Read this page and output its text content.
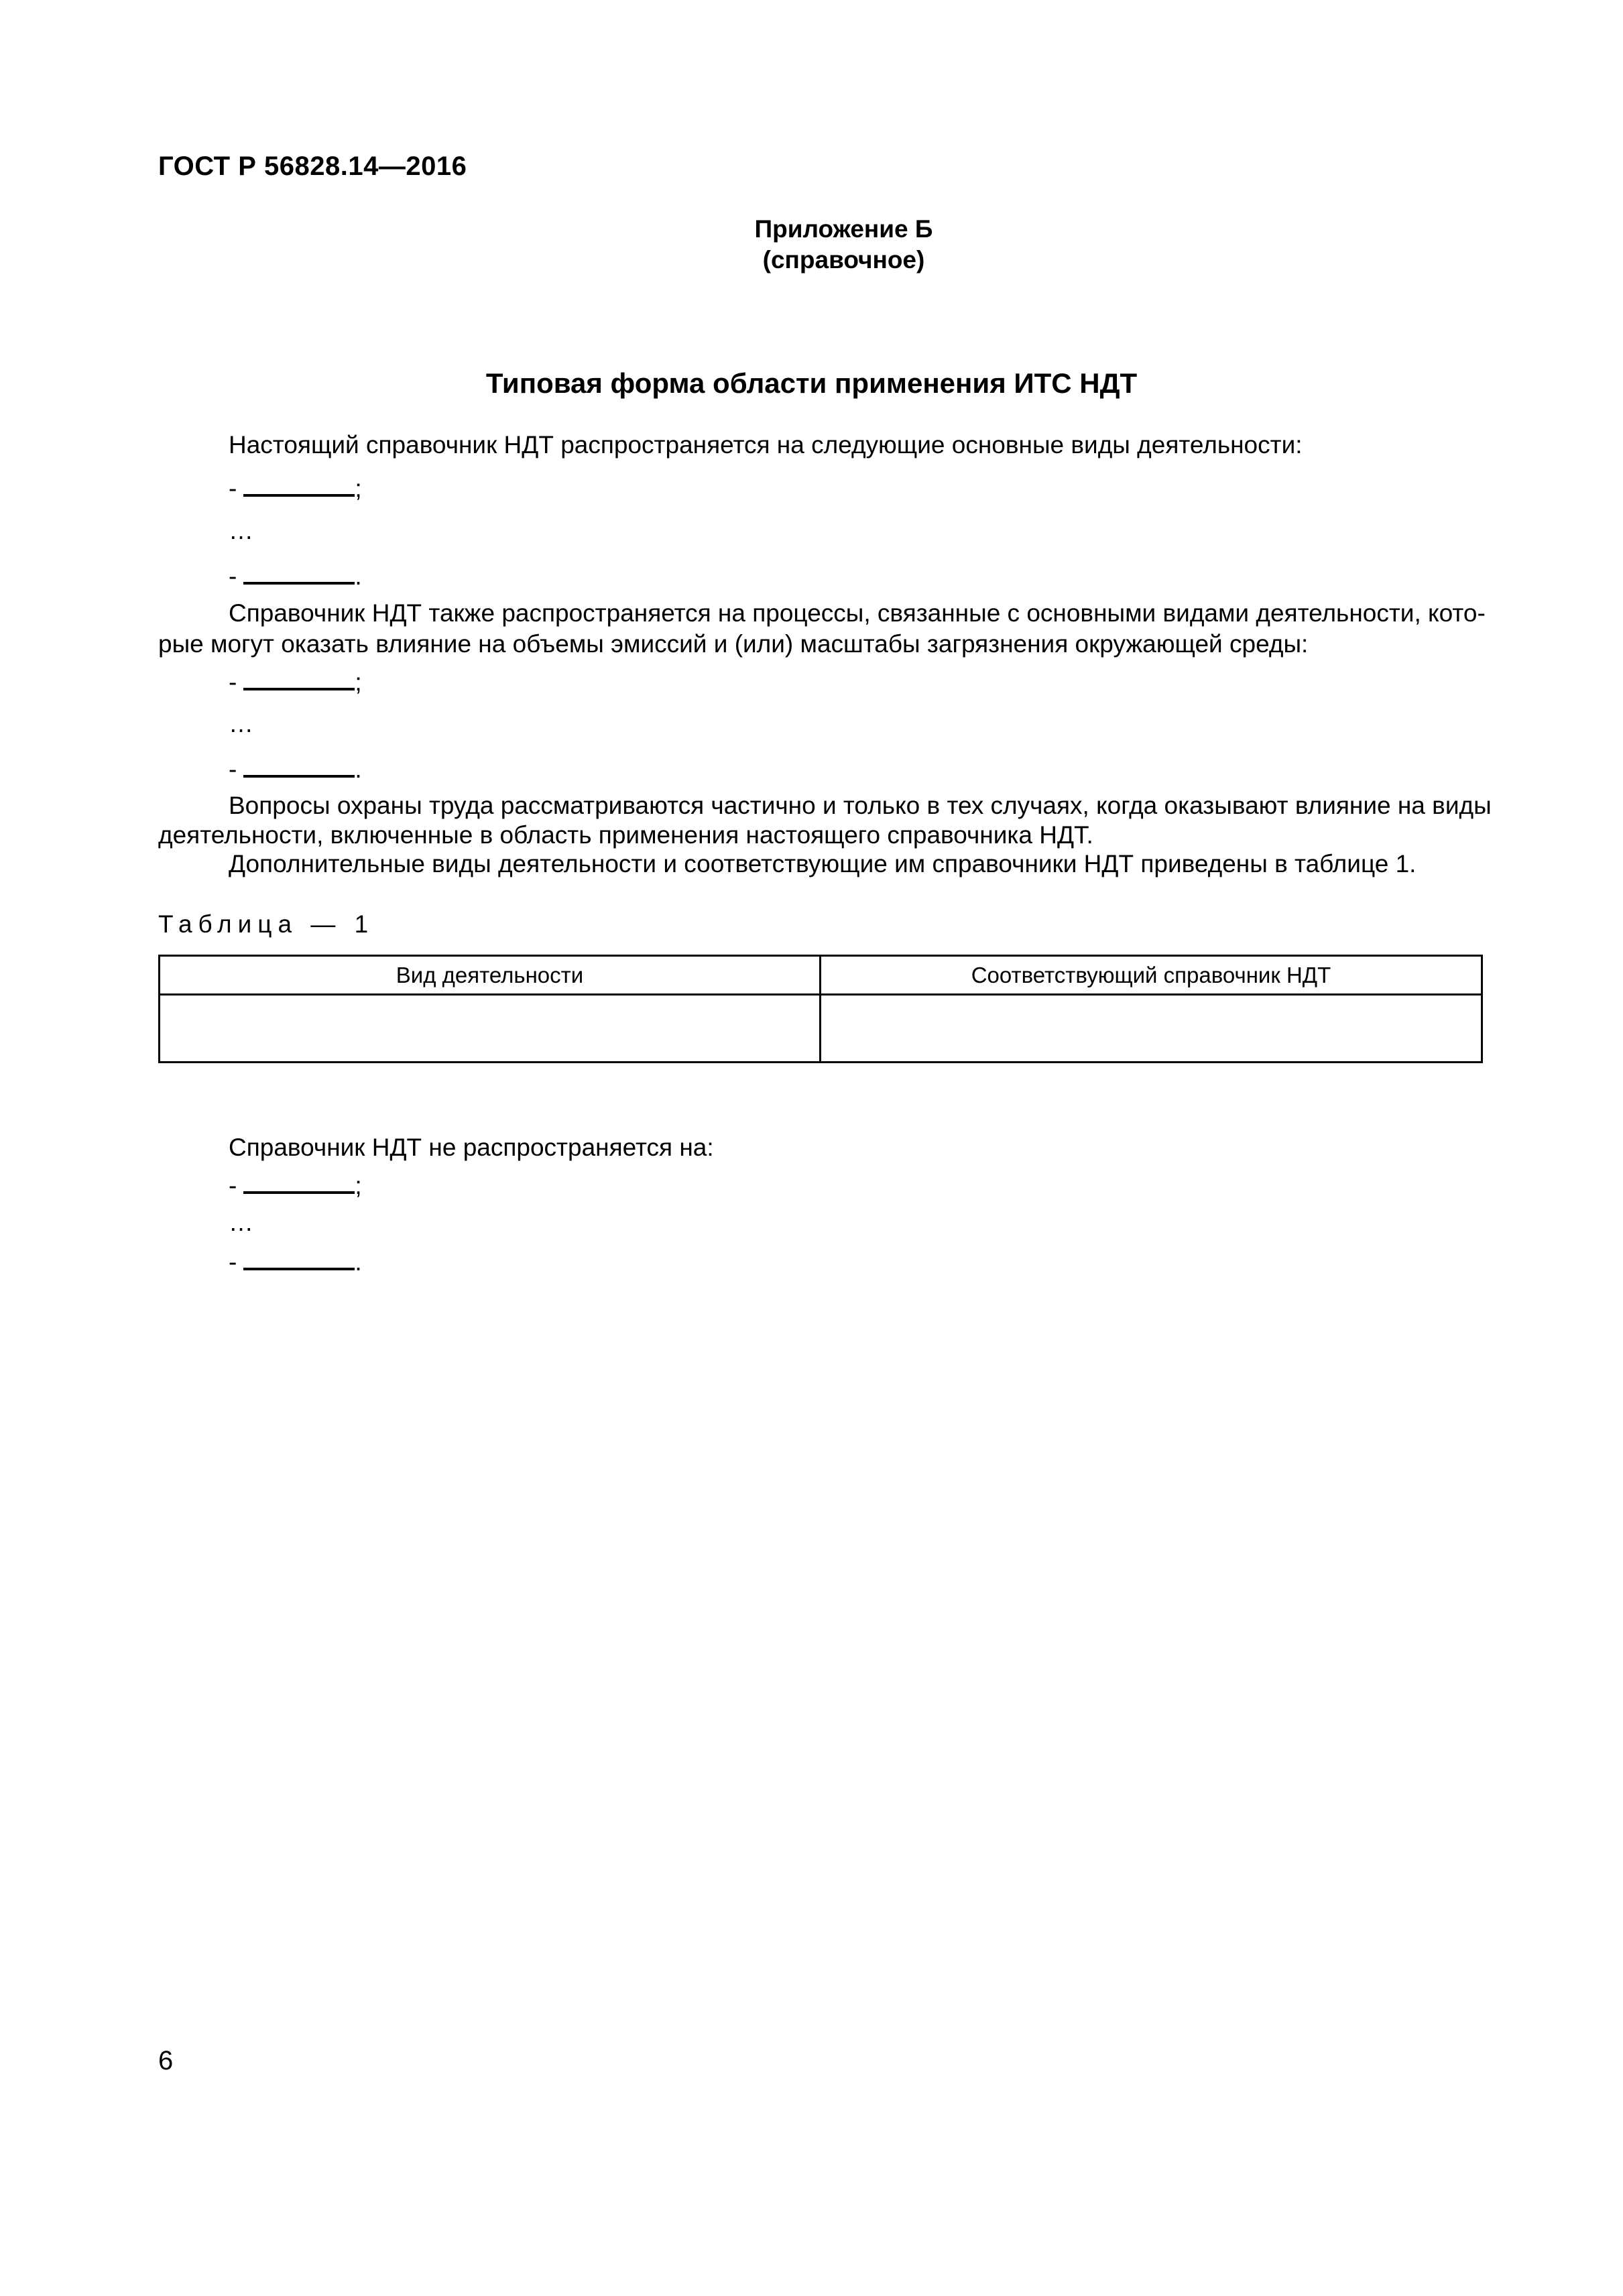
ГОСТ Р 56828.14—2016
Приложение Б
(справочное)
Типовая форма области применения ИТС НДТ
Настоящий справочник НДТ распространяется на следующие основные виды деятельности:
-	;
…
-	.
Справочник НДТ также распространяется на процессы, связанные с основными видами деятельности, кото-
рые могут оказать влияние на объемы эмиссий и (или) масштабы загрязнения окружающей среды:
-	;
…
-	.
Вопросы охраны труда рассматриваются частично и только в тех случаях, когда оказывают влияние на виды
деятельности, включенные в область применения настоящего справочника НДТ.
Дополнительные виды деятельности и соответствующие им справочники НДТ приведены в таблице 1.
Таблица — 1
Вид деятельности	Соответствующий справочник НДТ
Справочник НДТ не распространяется на:
-	;
…
-	.
6
